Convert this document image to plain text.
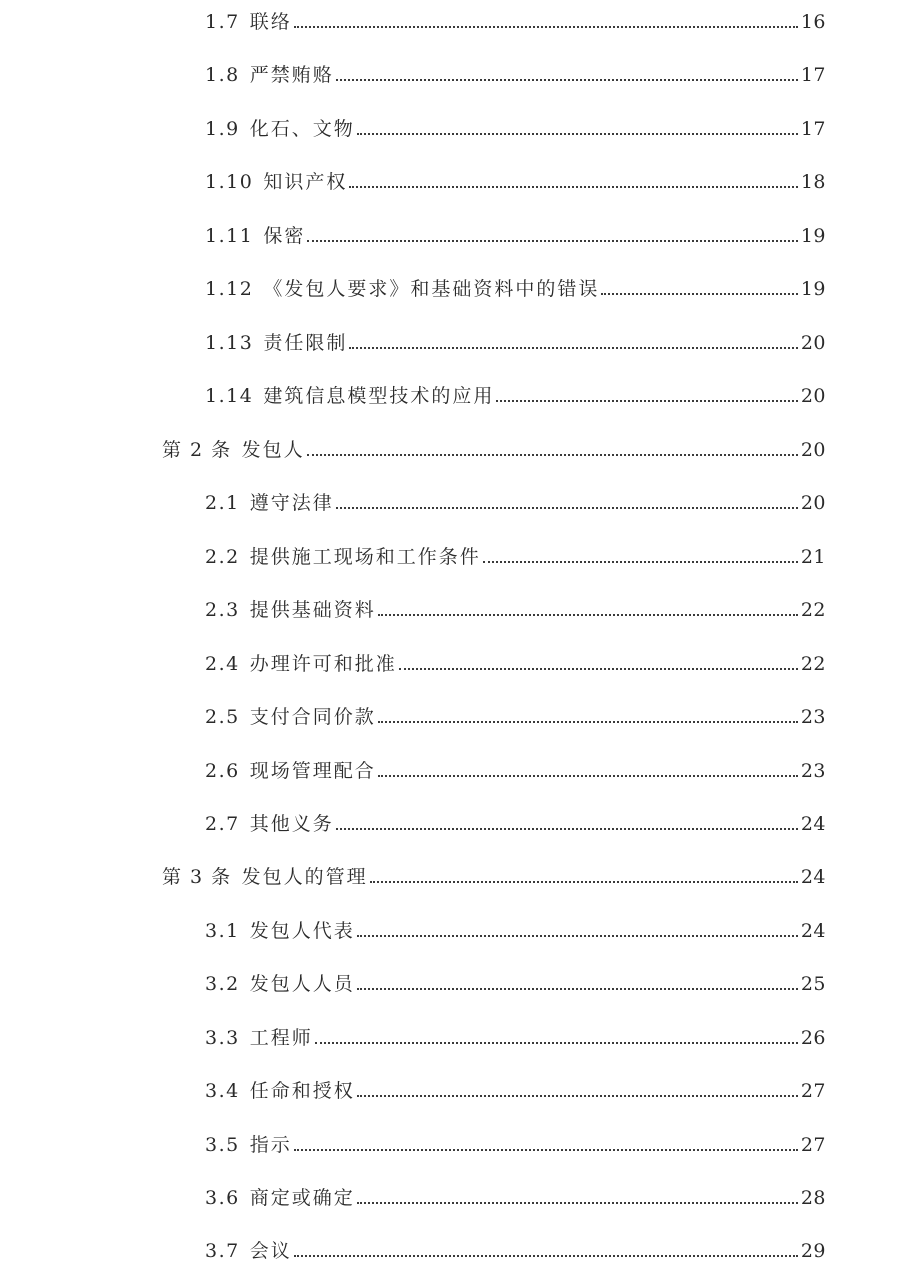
1.7 联络	16
1.8 严禁贿赂	17
1.9 化石、文物	17
1.10 知识产权	18
1.11 保密	19
1.12 《发包人要求》和基础资料中的错误	19
1.13 责任限制	20
1.14 建筑信息模型技术的应用	20
第 2 条 发包人	20
2.1 遵守法律	20
2.2 提供施工现场和工作条件	21
2.3 提供基础资料	22
2.4 办理许可和批准	22
2.5 支付合同价款	23
2.6 现场管理配合	23
2.7 其他义务	24
第 3 条 发包人的管理	24
3.1 发包人代表	24
3.2 发包人人员	25
3.3 工程师	26
3.4 任命和授权	27
3.5 指示	27
3.6 商定或确定	28
3.7 会议	29
